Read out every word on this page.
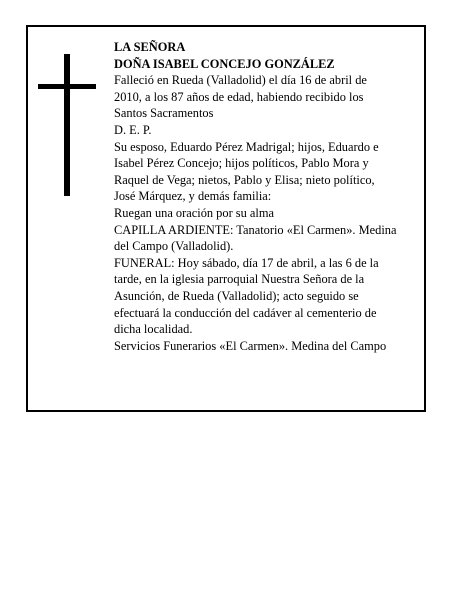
LA SEÑORA
DOÑA ISABEL CONCEJO GONZÁLEZ
Falleció en Rueda (Valladolid) el día 16 de abril de
2010, a los 87 años de edad, habiendo recibido los
Santos Sacramentos
D. E. P.
Su esposo, Eduardo Pérez Madrigal; hijos, Eduardo e
Isabel Pérez Concejo; hijos políticos, Pablo Mora y
Raquel de Vega; nietos, Pablo y Elisa; nieto político,
José Márquez, y demás familia:
Ruegan una oración por su alma
CAPILLA ARDIENTE: Tanatorio «El Carmen». Medina
del Campo (Valladolid).
FUNERAL: Hoy sábado, día 17 de abril, a las 6 de la
tarde, en la iglesia parroquial Nuestra Señora de la
Asunción, de Rueda (Valladolid); acto seguido se
efectuará la conducción del cadáver al cementerio de
dicha localidad.
Servicios Funerarios «El Carmen». Medina del Campo
